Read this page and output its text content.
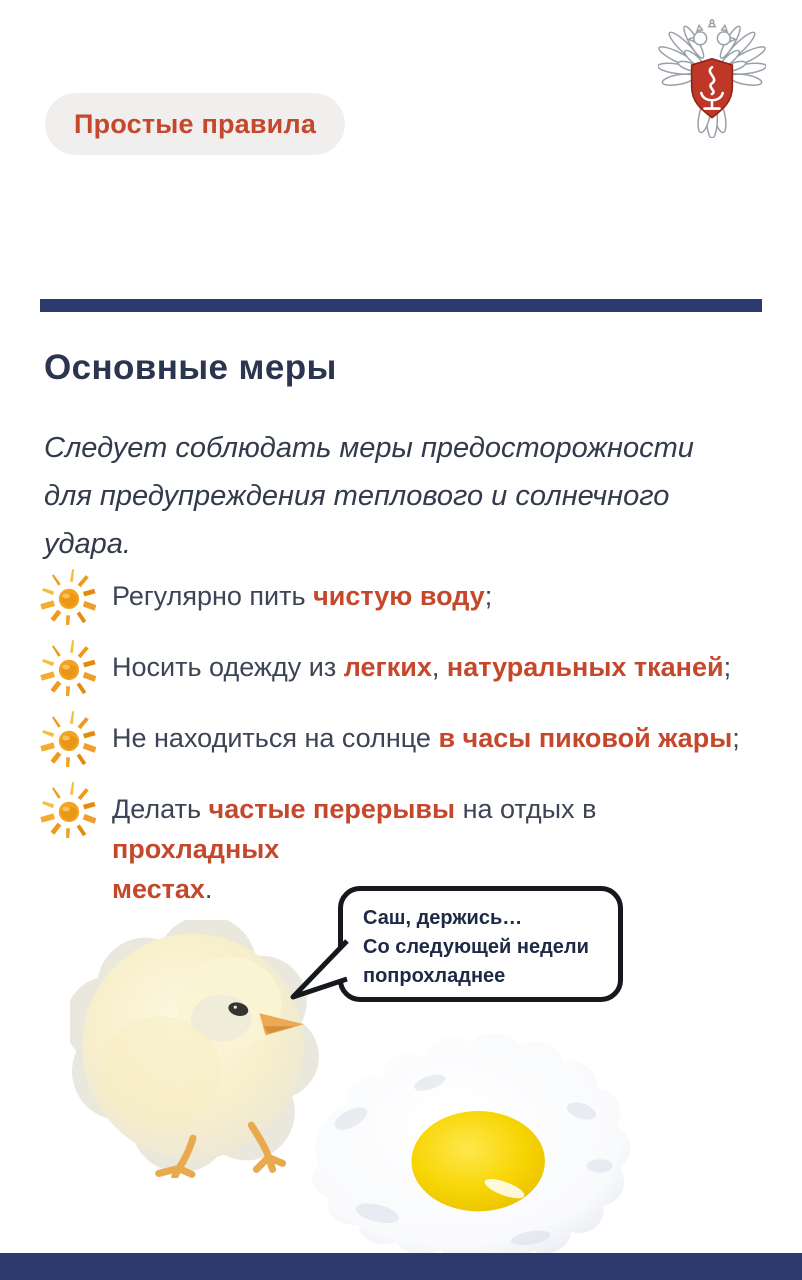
Простые правила
Основные меры
Следует соблюдать меры предосторожности
для предупреждения теплового и солнечного
удара.
Регулярно пить чистую воду;
Носить одежду из легких, натуральных тканей;
Не находиться на солнце в часы пиковой жары;
Делать частые перерывы на отдых в прохладных
местах.
Саш, держись…
Со следующей недели
попрохладнее
